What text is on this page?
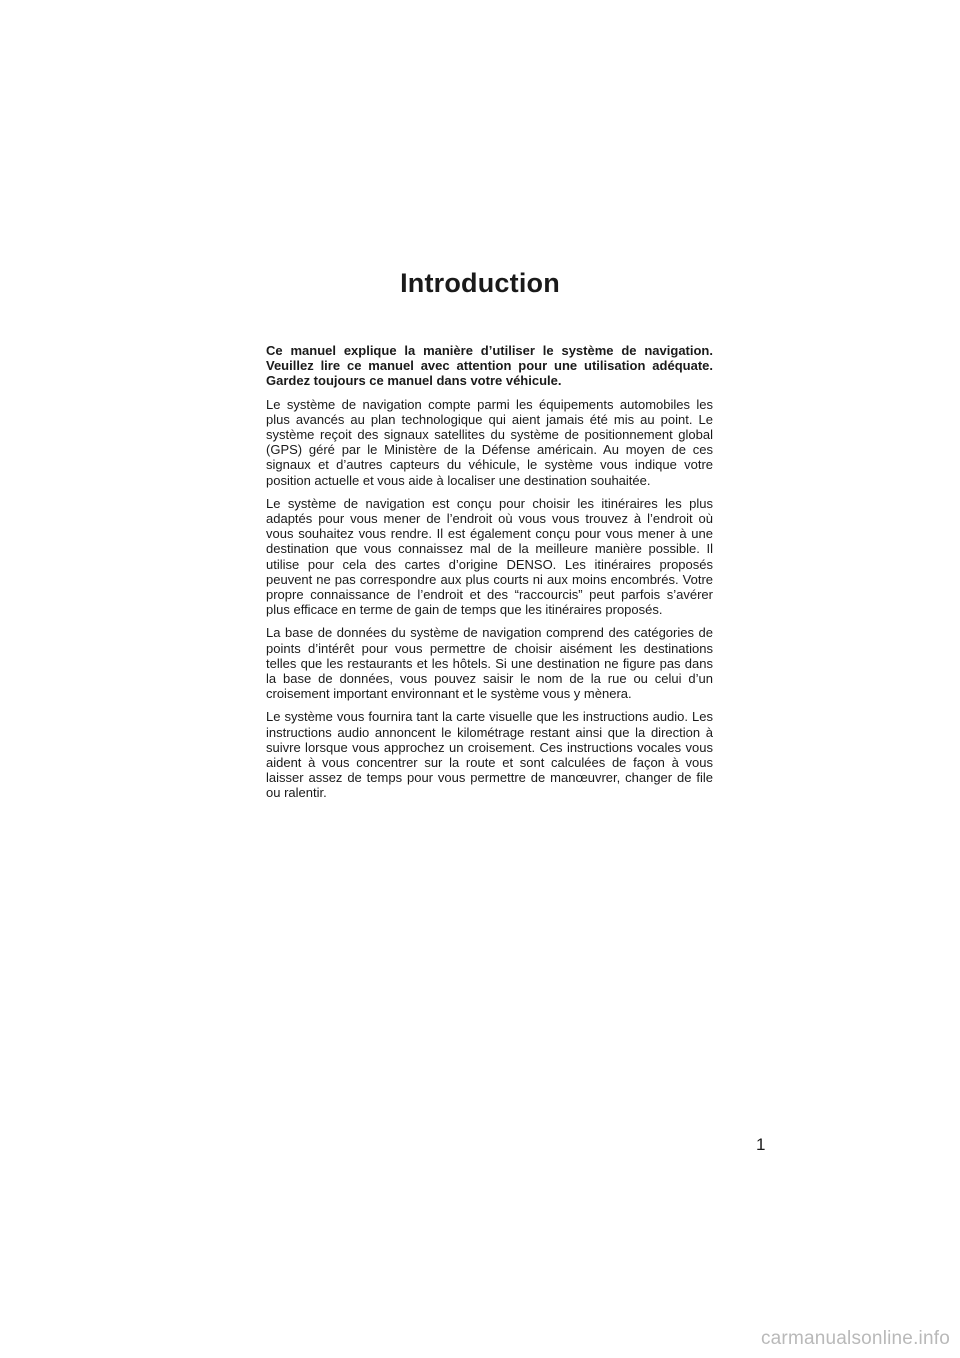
Introduction

Ce manuel explique la manière d’utiliser le système de navigation. Veuillez lire ce manuel avec attention pour une utilisation adéquate. Gardez toujours ce manuel dans votre véhicule.

Le système de navigation compte parmi les équipements automobiles les plus avancés au plan technologique qui aient jamais été mis au point. Le système reçoit des signaux satellites du système de positionnement global (GPS) géré par le Ministère de la Défense américain. Au moyen de ces signaux et d’autres capteurs du véhicule, le système vous indique votre position actuelle et vous aide à localiser une destination souhaitée.

Le système de navigation est conçu pour choisir les itinéraires les plus adaptés pour vous mener de l’endroit où vous vous trouvez à l’endroit où vous souhaitez vous rendre. Il est également conçu pour vous mener à une destination que vous connaissez mal de la meilleure manière possible. Il utilise pour cela des cartes d’origine DENSO. Les itinéraires proposés peuvent ne pas correspondre aux plus courts ni aux moins encombrés. Votre propre connaissance de l’endroit et des “raccourcis” peut parfois s’avérer plus efficace en terme de gain de temps que les itinéraires proposés.

La base de données du système de navigation comprend des catégories de points d’intérêt pour vous permettre de choisir aisément les destinations telles que les restaurants et les hôtels. Si une destination ne figure pas dans la base de données, vous pouvez saisir le nom de la rue ou celui d’un croisement important environnant et le système vous y mènera.

Le système vous fournira tant la carte visuelle que les instructions audio. Les instructions audio annoncent le kilométrage restant ainsi que la direction à suivre lorsque vous approchez un croisement. Ces instructions vocales vous aident à vous concentrer sur la route et sont calculées de façon à vous laisser assez de temps pour vous permettre de manœuvrer, changer de file ou ralentir.

1

carmanualsonline.info
